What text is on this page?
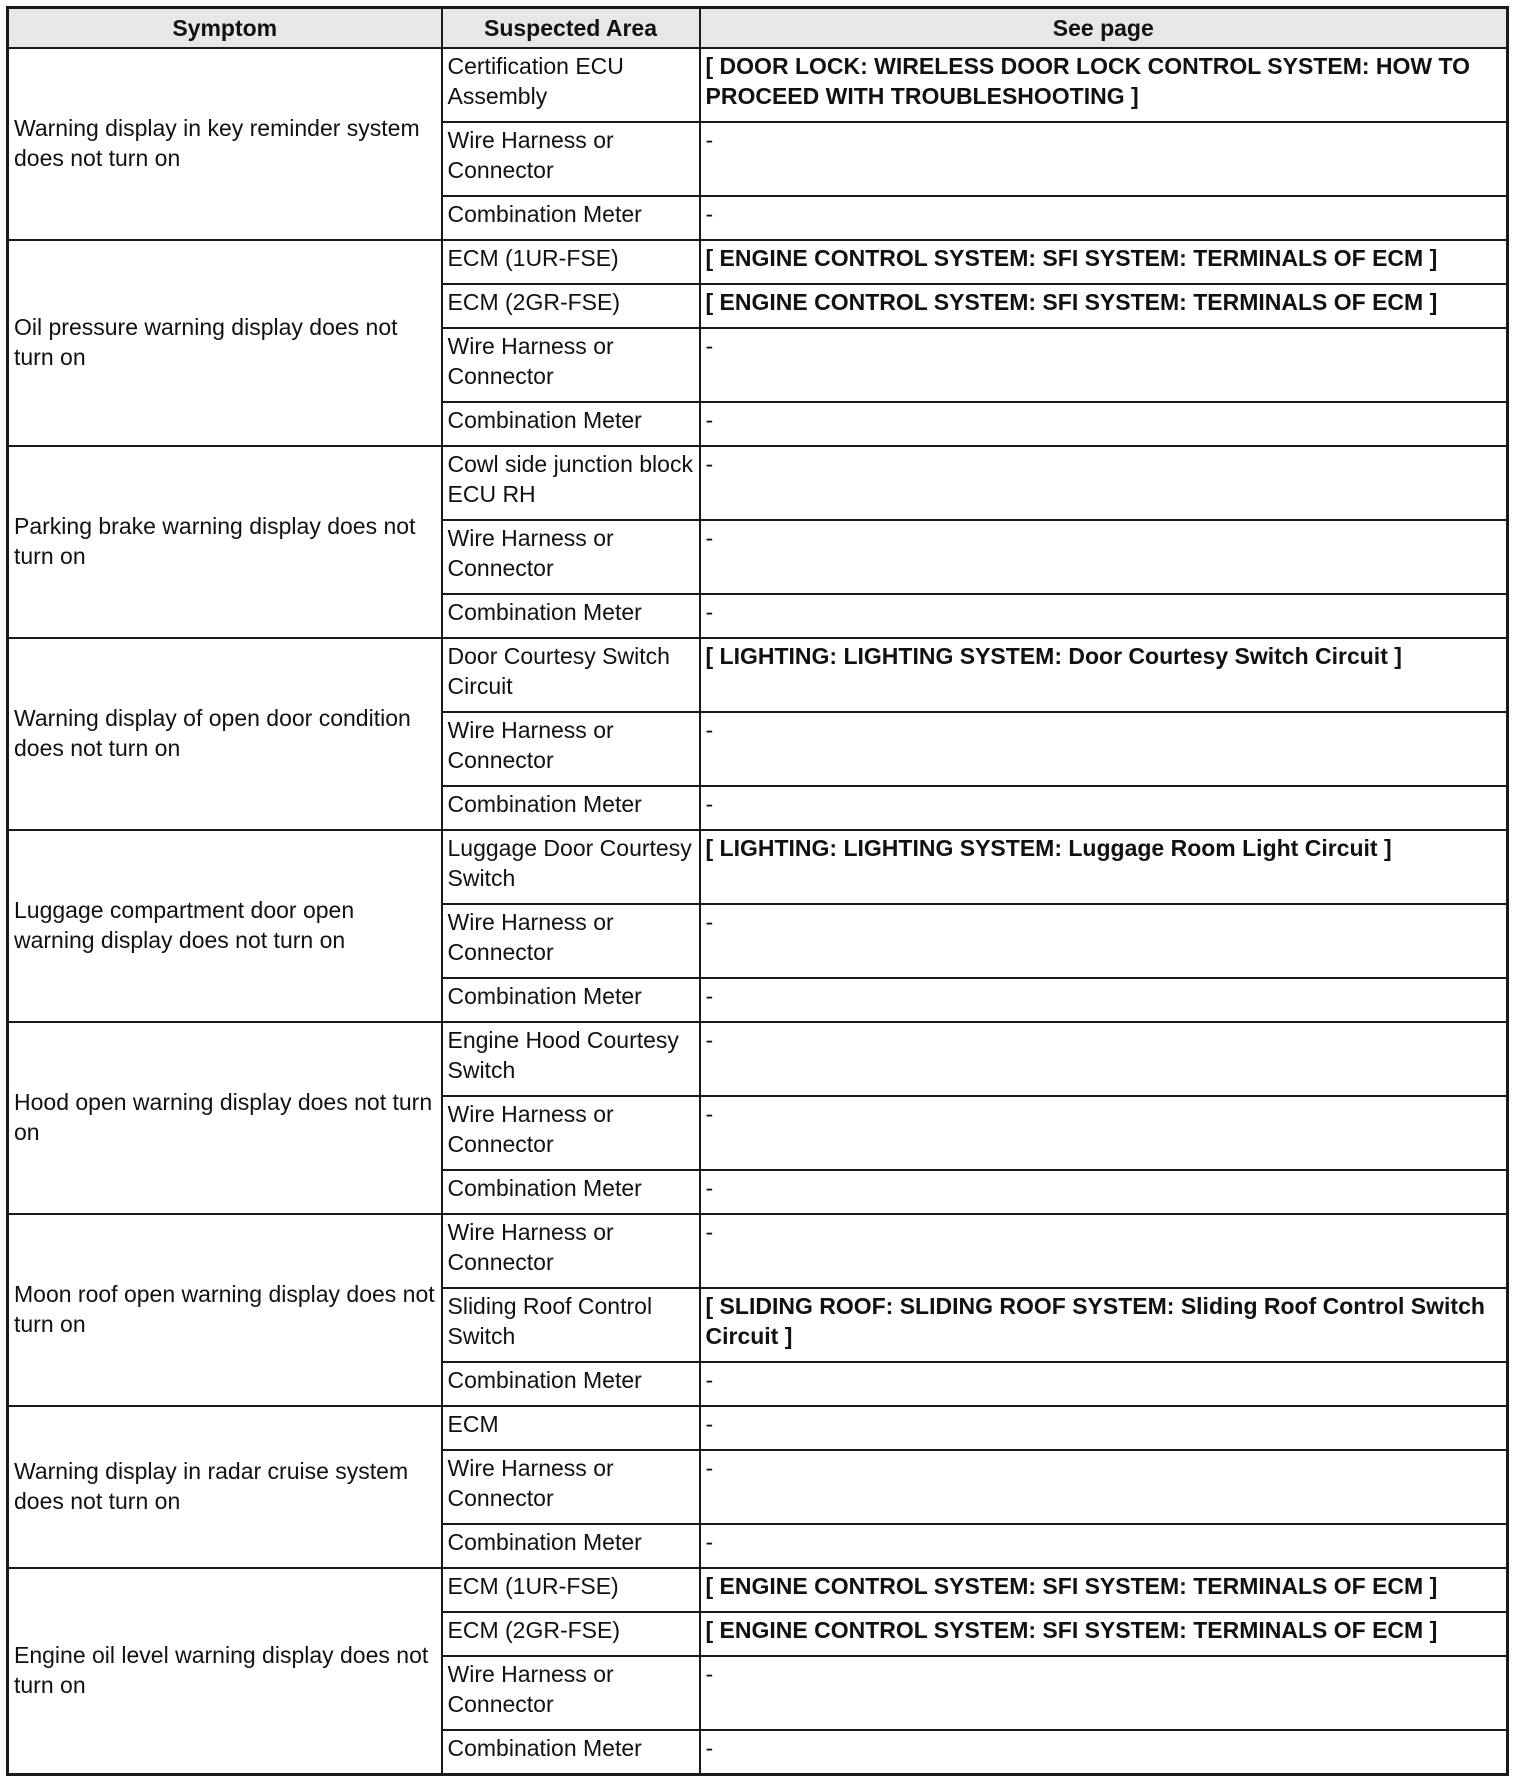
Symptom	Suspected Area	See page
Warning display in key reminder system does not turn on	Certification ECU Assembly	[ DOOR LOCK: WIRELESS DOOR LOCK CONTROL SYSTEM: HOW TO PROCEED WITH TROUBLESHOOTING ]
	Wire Harness or Connector	-
	Combination Meter	-
Oil pressure warning display does not turn on	ECM (1UR-FSE)	[ ENGINE CONTROL SYSTEM: SFI SYSTEM: TERMINALS OF ECM ]
	ECM (2GR-FSE)	[ ENGINE CONTROL SYSTEM: SFI SYSTEM: TERMINALS OF ECM ]
	Wire Harness or Connector	-
	Combination Meter	-
Parking brake warning display does not turn on	Cowl side junction block ECU RH	-
	Wire Harness or Connector	-
	Combination Meter	-
Warning display of open door condition does not turn on	Door Courtesy Switch Circuit	[ LIGHTING: LIGHTING SYSTEM: Door Courtesy Switch Circuit ]
	Wire Harness or Connector	-
	Combination Meter	-
Luggage compartment door open warning display does not turn on	Luggage Door Courtesy Switch	[ LIGHTING: LIGHTING SYSTEM: Luggage Room Light Circuit ]
	Wire Harness or Connector	-
	Combination Meter	-
Hood open warning display does not turn on	Engine Hood Courtesy Switch	-
	Wire Harness or Connector	-
	Combination Meter	-
Moon roof open warning display does not turn on	Wire Harness or Connector	-
	Sliding Roof Control Switch	[ SLIDING ROOF: SLIDING ROOF SYSTEM: Sliding Roof Control Switch Circuit ]
	Combination Meter	-
Warning display in radar cruise system does not turn on	ECM	-
	Wire Harness or Connector	-
	Combination Meter	-
Engine oil level warning display does not turn on	ECM (1UR-FSE)	[ ENGINE CONTROL SYSTEM: SFI SYSTEM: TERMINALS OF ECM ]
	ECM (2GR-FSE)	[ ENGINE CONTROL SYSTEM: SFI SYSTEM: TERMINALS OF ECM ]
	Wire Harness or Connector	-
	Combination Meter	-
